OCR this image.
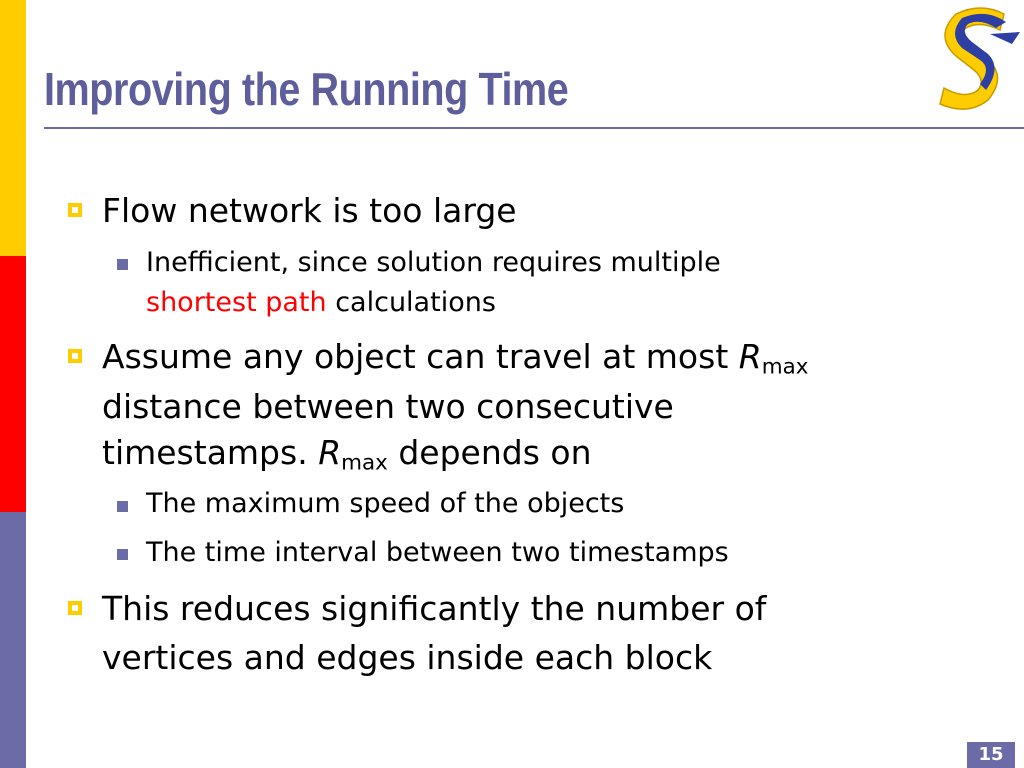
Improving the Running Time
Flow network is too large
Inefficient, since solution requires multiple
shortest path calculations
Assume any object can travel at most $R_{max}$
distance between two consecutive
timestamps. $R_{max}$ depends on
The maximum speed of the objects
The time interval between two timestamps
This reduces significantly the number of
vertices and edges inside each block
15
